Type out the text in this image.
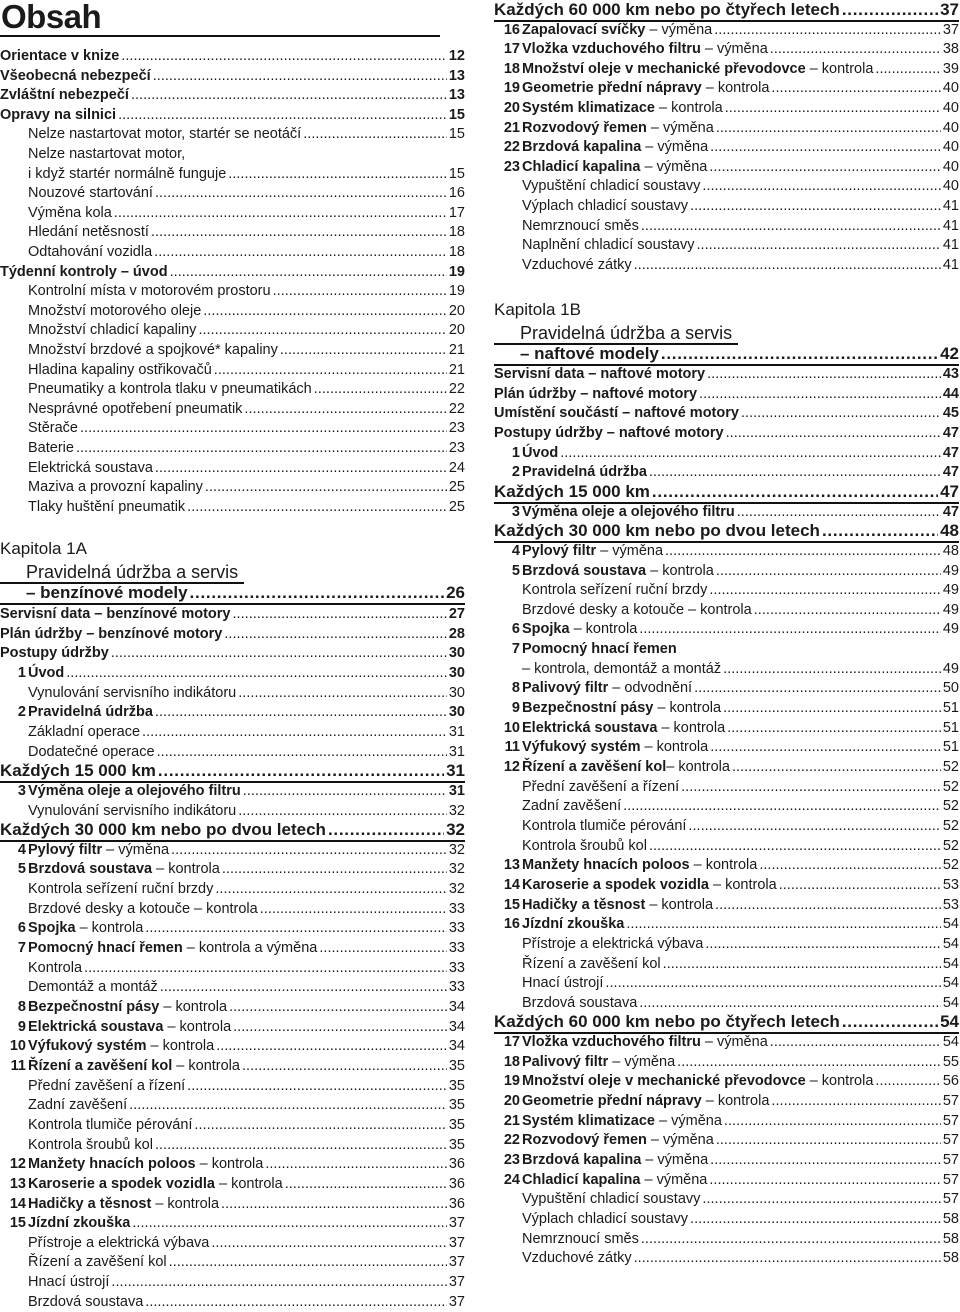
Obsah
Orientace v knize . . .	12
Všeobecná nebezpečí . . .	13
Zvláštní nebezpečí . . .	13
Opravy na silnici . . .	15
Nelze nastartovat motor, startér se neotáčí . . .	15
Nelze nastartovat motor,
i když startér normálně funguje . . .	15
Nouzové startování . . .	16
Výměna kola . . .	17
Hledání netěsností . . .	18
Odtahování vozidla . . .	18
Týdenní kontroly – úvod . . .	19
Kontrolní místa v motorovém prostoru . . .	19
Množství motorového oleje . . .	20
Množství chladicí kapaliny . . .	20
Množství brzdové a spojkové* kapaliny . . .	21
Hladina kapaliny ostřikovačů . . .	21
Pneumatiky a kontrola tlaku v pneumatikách . . .	22
Nesprávné opotřebení pneumatik . . .	22
Stěrače . . .	23
Baterie . . .	23
Elektrická soustava . . .	24
Maziva a provozní kapaliny . . .	25
Tlaky huštění pneumatik . . .	25
Kapitola 1A
Pravidelná údržba a servis
– benzínové modely . . .	26
Servisní data – benzínové motory . . .	27
Plán údržby – benzínové motory . . .	28
Postupy údržby . . .	30
1 Úvod . . .	30
Vynulování servisního indikátoru . . .	30
2 Pravidelná údržba . . .	30
Základní operace . . .	31
Dodatečné operace . . .	31
Každých 15 000 km . . .	31
3 Výměna oleje a olejového filtru . . .	31
Vynulování servisního indikátoru . . .	32
Každých 30 000 km nebo po dvou letech . . .	32
4 Pylový filtr – výměna . . .	32
5 Brzdová soustava – kontrola . . .	32
Kontrola seřízení ruční brzdy . . .	32
Brzdové desky a kotouče – kontrola . . .	33
6 Spojka – kontrola . . .	33
7 Pomocný hnací řemen – kontrola a výměna . . .	33
Kontrola . . .	33
Demontáž a montáž . . .	33
8 Bezpečnostní pásy – kontrola . . .	34
9 Elektrická soustava – kontrola . . .	34
10 Výfukový systém – kontrola . . .	34
11 Řízení a zavěšení kol – kontrola . . .	35
Přední zavěšení a řízení . . .	35
Zadní zavěšení . . .	35
Kontrola tlumiče pérování . . .	35
Kontrola šroubů kol . . .	35
12 Manžety hnacích poloos – kontrola . . .	36
13 Karoserie a spodek vozidla – kontrola . . .	36
14 Hadičky a těsnost – kontrola . . .	36
15 Jízdní zkouška . . .	37
Přístroje a elektrická výbava . . .	37
Řízení a zavěšení kol . . .	37
Hnací ústrojí . . .	37
Brzdová soustava . . .	37
Každých 60 000 km nebo po čtyřech letech . . .	37
16 Zapalovací svíčky – výměna . . .	37
17 Vložka vzduchového filtru – výměna . . .	38
18 Množství oleje v mechanické převodovce – kontrola . . .	39
19 Geometrie přední nápravy – kontrola . . .	40
20 Systém klimatizace – kontrola . . .	40
21 Rozvodový řemen – výměna . . .	40
22 Brzdová kapalina – výměna . . .	40
23 Chladicí kapalina – výměna . . .	40
Vypuštění chladicí soustavy . . .	40
Výplach chladicí soustavy . . .	41
Nemrznoucí směs . . .	41
Naplnění chladicí soustavy . . .	41
Vzduchové zátky . . .	41
Kapitola 1B
Pravidelná údržba a servis
– naftové modely . . .	42
Servisní data – naftové motory . . .	43
Plán údržby – naftové motory . . .	44
Umístění součástí – naftové motory . . .	45
Postupy údržby – naftové motory . . .	47
1 Úvod . . .	47
2 Pravidelná údržba . . .	47
Každých 15 000 km . . .	47
3 Výměna oleje a olejového filtru . . .	47
Každých 30 000 km nebo po dvou letech . . .	48
4 Pylový filtr – výměna . . .	48
5 Brzdová soustava – kontrola . . .	49
Kontrola seřízení ruční brzdy . . .	49
Brzdové desky a kotouče – kontrola . . .	49
6 Spojka – kontrola . . .	49
7 Pomocný hnací řemen
– kontrola, demontáž a montáž . . .	49
8 Palivový filtr – odvodnění . . .	50
9 Bezpečnostní pásy – kontrola . . .	51
10 Elektrická soustava – kontrola . . .	51
11 Výfukový systém – kontrola . . .	51
12 Řízení a zavěšení kol– kontrola . . .	52
Přední zavěšení a řízení . . .	52
Zadní zavěšení . . .	52
Kontrola tlumiče pérování . . .	52
Kontrola šroubů kol . . .	52
13 Manžety hnacích poloos – kontrola . . .	52
14 Karoserie a spodek vozidla – kontrola . . .	53
15 Hadičky a těsnost – kontrola . . .	53
16 Jízdní zkouška . . .	54
Přístroje a elektrická výbava . . .	54
Řízení a zavěšení kol . . .	54
Hnací ústrojí . . .	54
Brzdová soustava . . .	54
Každých 60 000 km nebo po čtyřech letech . . .	54
17 Vložka vzduchového filtru – výměna . . .	54
18 Palivový filtr – výměna . . .	55
19 Množství oleje v mechanické převodovce – kontrola . . .	56
20 Geometrie přední nápravy – kontrola . . .	57
21 Systém klimatizace – výměna . . .	57
22 Rozvodový řemen – výměna . . .	57
23 Brzdová kapalina – výměna . . .	57
24 Chladicí kapalina – výměna . . .	57
Vypuštění chladicí soustavy . . .	57
Výplach chladicí soustavy . . .	58
Nemrznoucí směs . . .	58
Vzduchové zátky . . .	58
